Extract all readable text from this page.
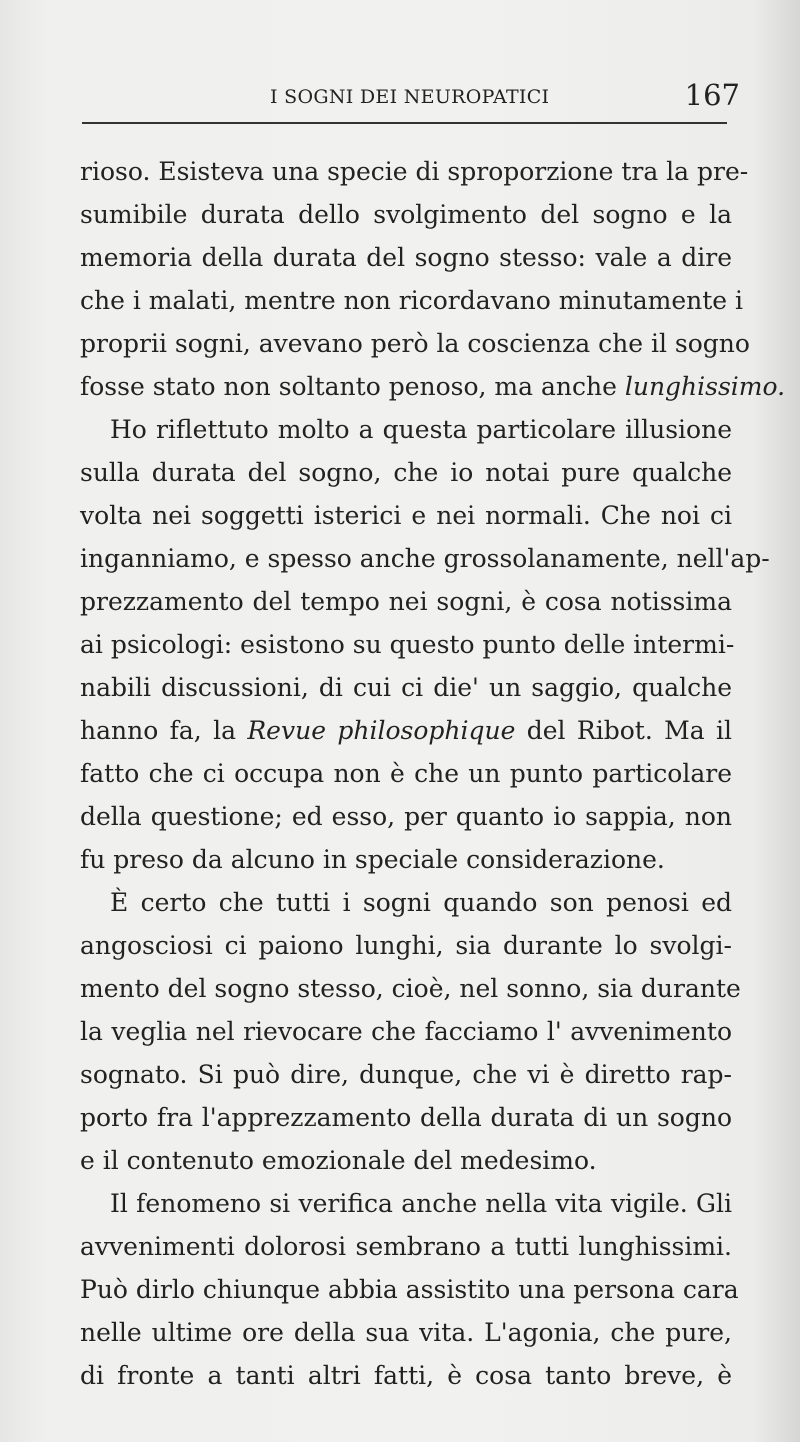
I SOGNI DEI NEUROPATICI	167
rioso. Esisteva una specie di sproporzione tra la pre-
sumibile durata dello svolgimento del sogno e la
memoria della durata del sogno stesso: vale a dire
che i malati, mentre non ricordavano minutamente i
proprii sogni, avevano però la coscienza che il sogno
fosse stato non soltanto penoso, ma anche lunghissimo.
Ho riflettuto molto a questa particolare illusione
sulla durata del sogno, che io notai pure qualche
volta nei soggetti isterici e nei normali. Che noi ci
inganniamo, e spesso anche grossolanamente, nell'ap-
prezzamento del tempo nei sogni, è cosa notissima
ai psicologi: esistono su questo punto delle intermi-
nabili discussioni, di cui ci die' un saggio, qualche
hanno fa, la Revue philosophique del Ribot. Ma il
fatto che ci occupa non è che un punto particolare
della questione; ed esso, per quanto io sappia, non
fu preso da alcuno in speciale considerazione.
È certo che tutti i sogni quando son penosi ed
angosciosi ci paiono lunghi, sia durante lo svolgi-
mento del sogno stesso, cioè, nel sonno, sia durante
la veglia nel rievocare che facciamo l' avvenimento
sognato. Si può dire, dunque, che vi è diretto rap-
porto fra l'apprezzamento della durata di un sogno
e il contenuto emozionale del medesimo.
Il fenomeno si verifica anche nella vita vigile. Gli
avvenimenti dolorosi sembrano a tutti lunghissimi.
Può dirlo chiunque abbia assistito una persona cara
nelle ultime ore della sua vita. L'agonia, che pure,
di fronte a tanti altri fatti, è cosa tanto breve, è
